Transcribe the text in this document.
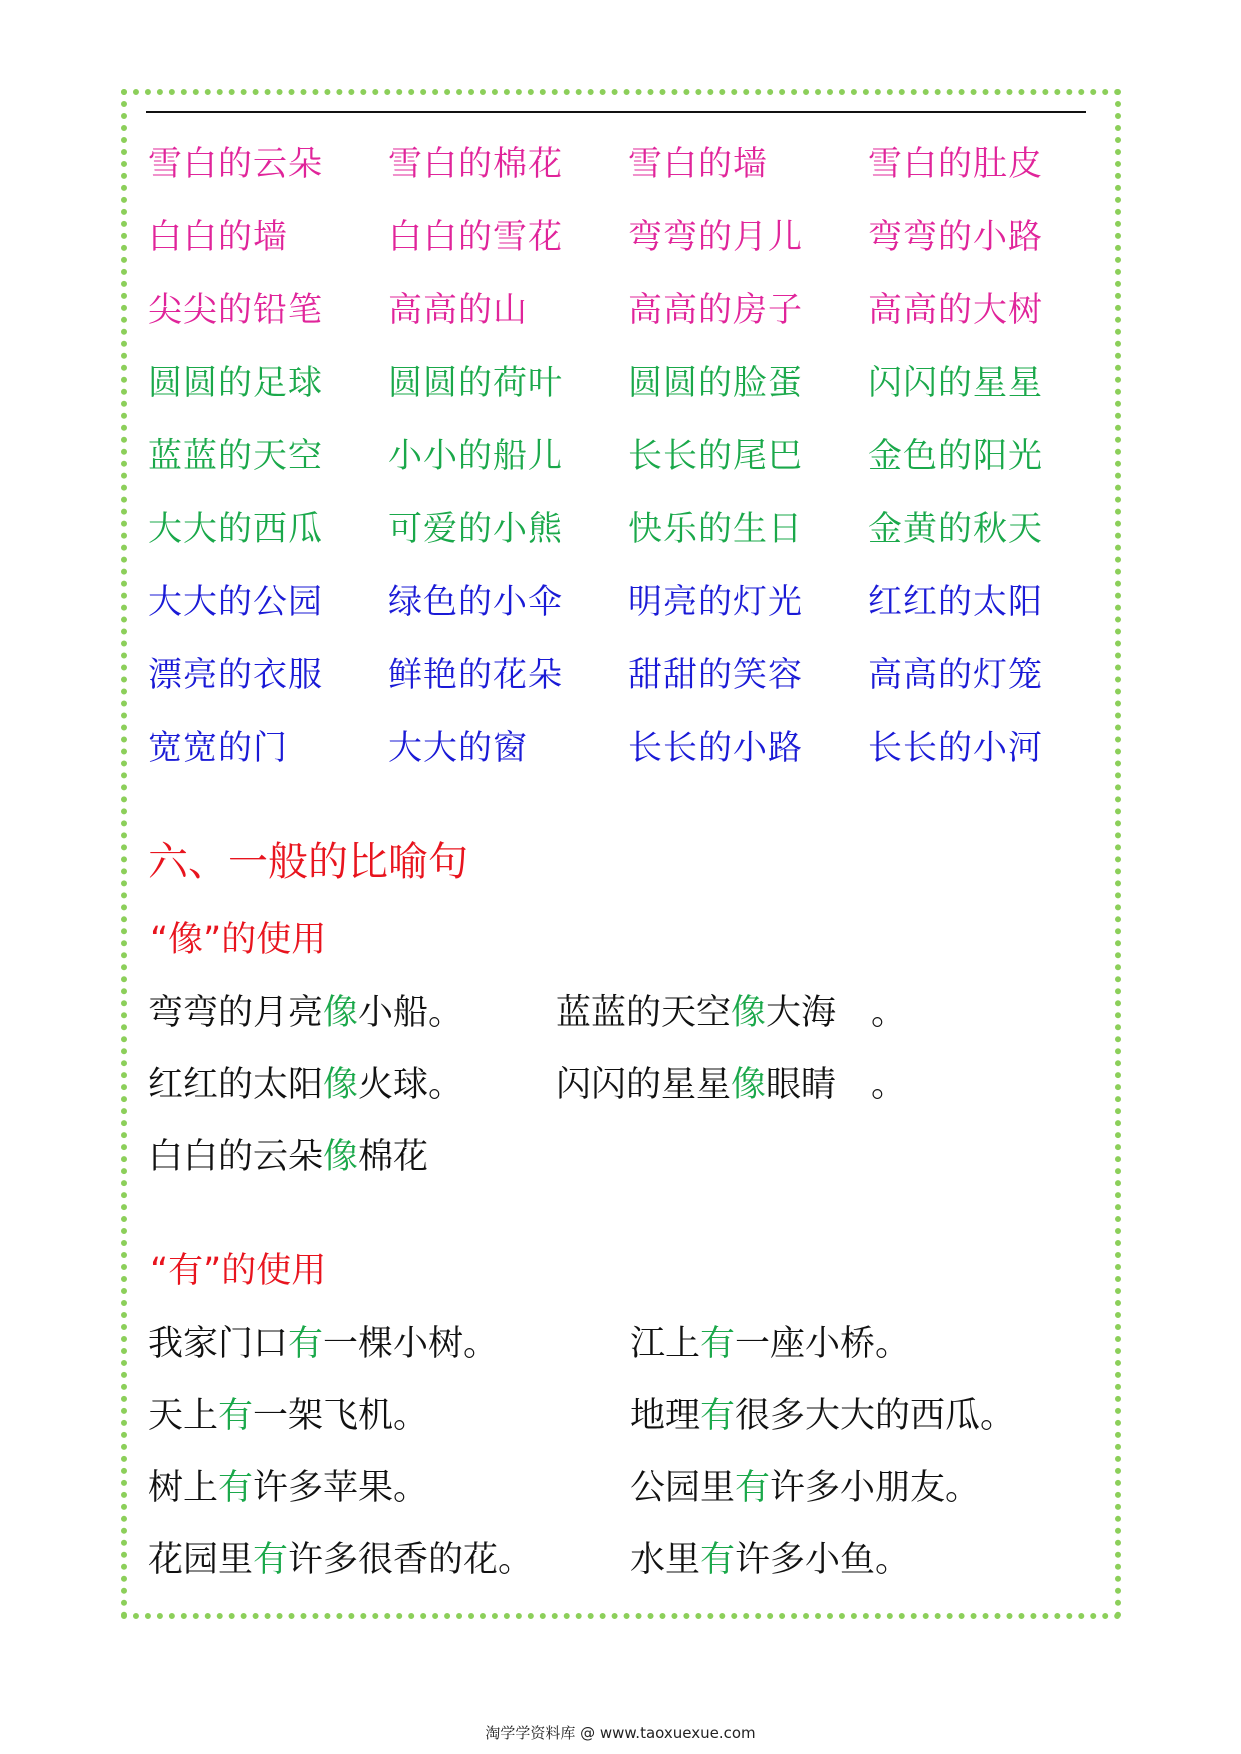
雪白的云朵	雪白的棉花	雪白的墙	雪白的肚皮
白白的墙	白白的雪花	弯弯的月儿	弯弯的小路
尖尖的铅笔	高高的山	高高的房子	高高的大树
圆圆的足球	圆圆的荷叶	圆圆的脸蛋	闪闪的星星
蓝蓝的天空	小小的船儿	长长的尾巴	金色的阳光
大大的西瓜	可爱的小熊	快乐的生日	金黄的秋天
大大的公园	绿色的小伞	明亮的灯光	红红的太阳
漂亮的衣服	鲜艳的花朵	甜甜的笑容	高高的灯笼
宽宽的门	大大的窗	长长的小路	长长的小河
六、一般的比喻句
“像”的使用
弯弯的月亮像小船。	蓝蓝的天空像大海　。
红红的太阳像火球。	闪闪的星星像眼睛　。
白白的云朵像棉花
“有”的使用
我家门口有一棵小树。	江上有一座小桥。
天上有一架飞机。	地理有很多大大的西瓜。
树上有许多苹果。	公园里有许多小朋友。
花园里有许多很香的花。	水里有许多小鱼。
淘学学资料库 @ www.taoxuexue.com
